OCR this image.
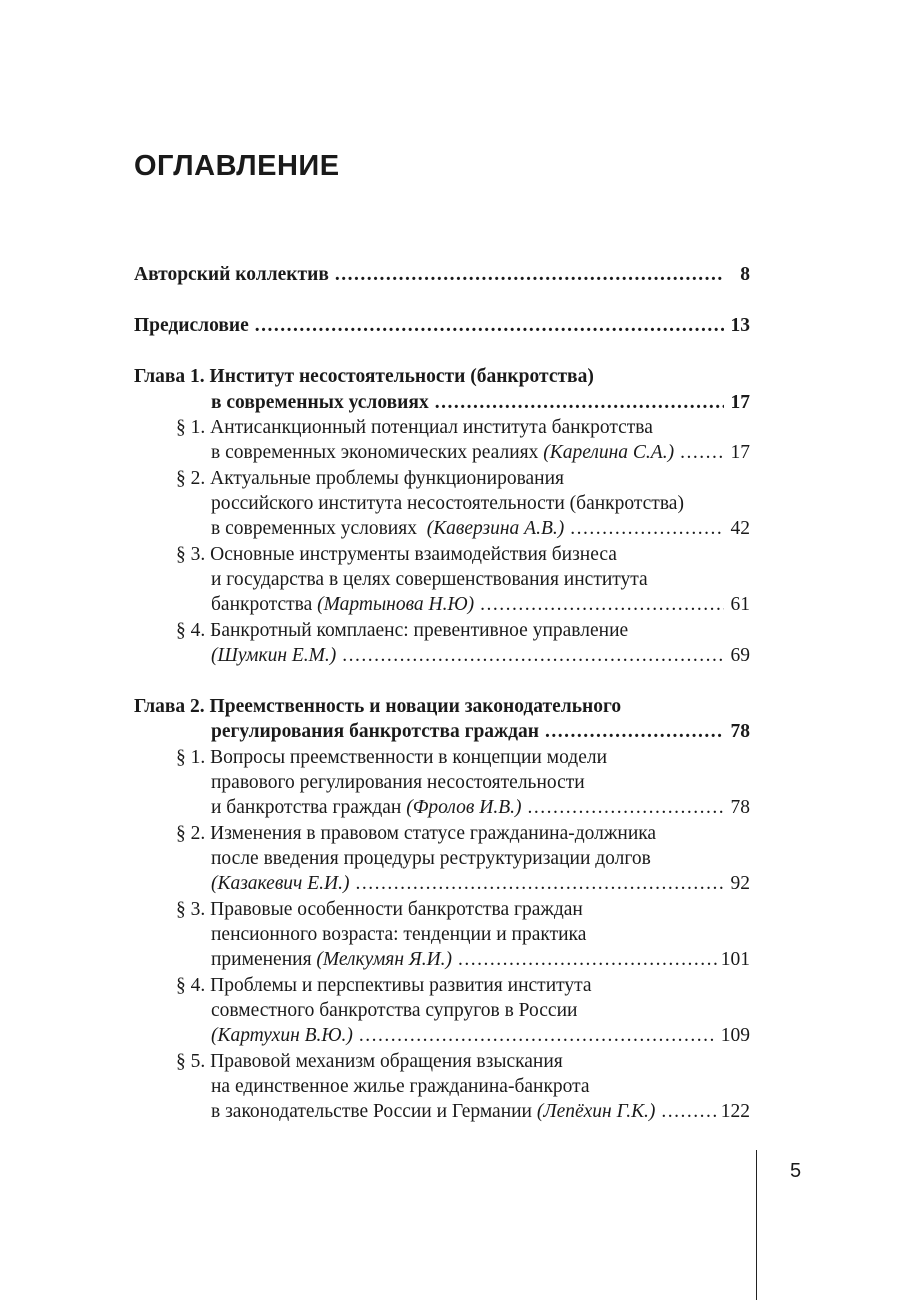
ОГЛАВЛЕНИЕ
Авторский коллектив .....	8
Предисловие .....	13
Глава 1. Институт несостоятельности (банкротства)
в современных условиях .....	17
§ 1. Антисанкционный потенциал института банкротства
в современных экономических реалиях
(Карелина С.А.) .....	17
§ 2. Актуальные проблемы функционирования
российского института несостоятельности (банкротства)
в современных условиях
(Каверзина А.В.) .....	42
§ 3. Основные инструменты взаимодействия бизнеса
и государства в целях совершенствования института
банкротства
(Мартынова Н.Ю) .....	61
§ 4. Банкротный комплаенс: превентивное управление
(Шумкин Е.М.) .....	69
Глава 2. Преемственность и новации законодательного
регулирования банкротства граждан .....	78
§ 1. Вопросы преемственности в концепции модели
правового регулирования несостоятельности
и банкротства граждан
(Фролов И.В.) .....	78
§ 2. Изменения в правовом статусе гражданина-должника
после введения процедуры реструктуризации долгов
(Казакевич Е.И.) .....	92
§ 3. Правовые особенности банкротства граждан
пенсионного возраста: тенденции и практика
применения
(Мелкумян Я.И.) .....	101
§ 4. Проблемы и перспективы развития института
совместного банкротства супругов в России
(Картухин В.Ю.) .....	109
§ 5. Правовой механизм обращения взыскания
на единственное жилье гражданина-банкрота
в законодательстве России и Германии
(Лепёхин Г.К.) .....	122
5
